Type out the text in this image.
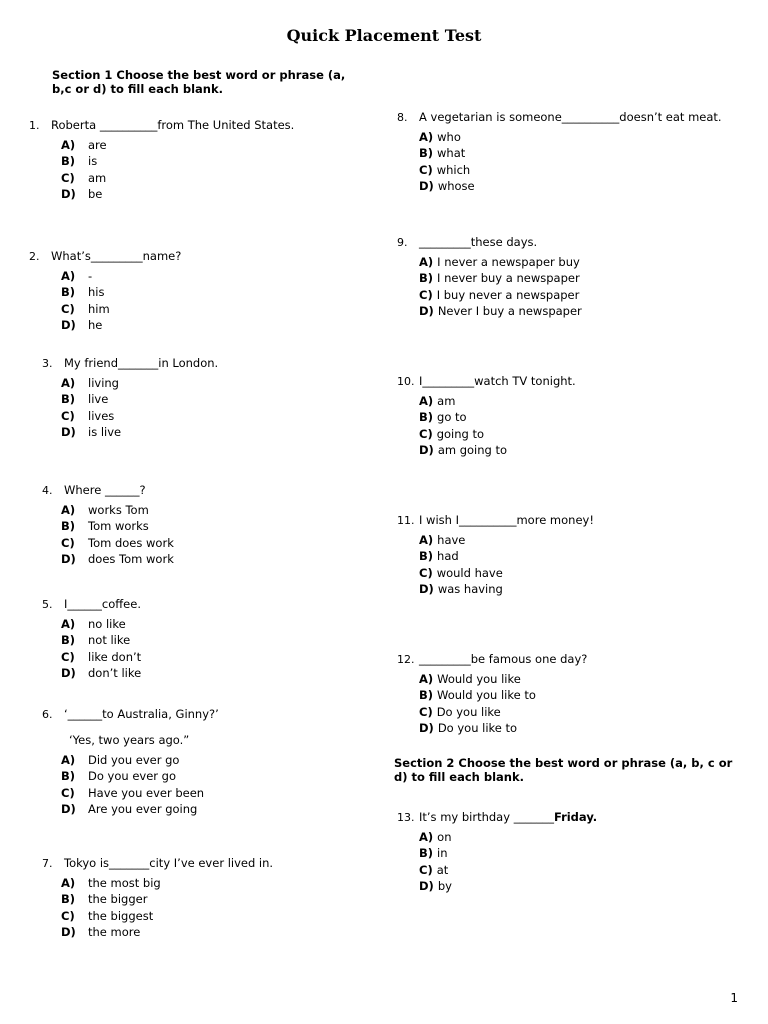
Quick Placement Test
Section 1 Choose the best word or phrase (a, b,c or d) to fill each blank.
1.	Roberta __________from The United States.
A)	are
B)	is
C)	am
D)	be
2.	What’s_________name?
A)	-
B)	his
C)	him
D)	he
3.	My friend_______in London.
A)	living
B)	live
C)	lives
D)	is live
4.	Where ______?
A)	works Tom
B)	Tom works
C)	Tom does work
D)	does Tom work
5.	I______coffee.
A)	no like
B)	not like
C)	like don’t
D)	don’t like
6.	‘______to Australia, Ginny?’
‘Yes, two years ago.”
A)	Did you ever go
B)	Do you ever go
C)	Have you ever been
D)	Are you ever going
7.	Tokyo is_______city I’ve ever lived in.
A)	the most big
B)	the bigger
C)	the biggest
D)	the more
8.	A vegetarian is someone__________doesn’t eat meat.
A) who
B) what
C) which
D) whose
9.	_________these days.
A) I never a newspaper buy
B) I never buy a newspaper
C) I buy never a newspaper
D) Never I buy a newspaper
10. I_________watch TV tonight.
A) am
B) go to
C) going to
D) am going to
11. I wish I__________more money!
A) have
B) had
C) would have
D) was having
12. _________be famous one day?
A) Would you like
B) Would you like to
C) Do you like
D) Do you like to
Section 2 Choose the best word or phrase (a, b, c or d) to fill each blank.
13. It’s my birthday _______Friday.
A) on
B) in
C) at
D) by
1
